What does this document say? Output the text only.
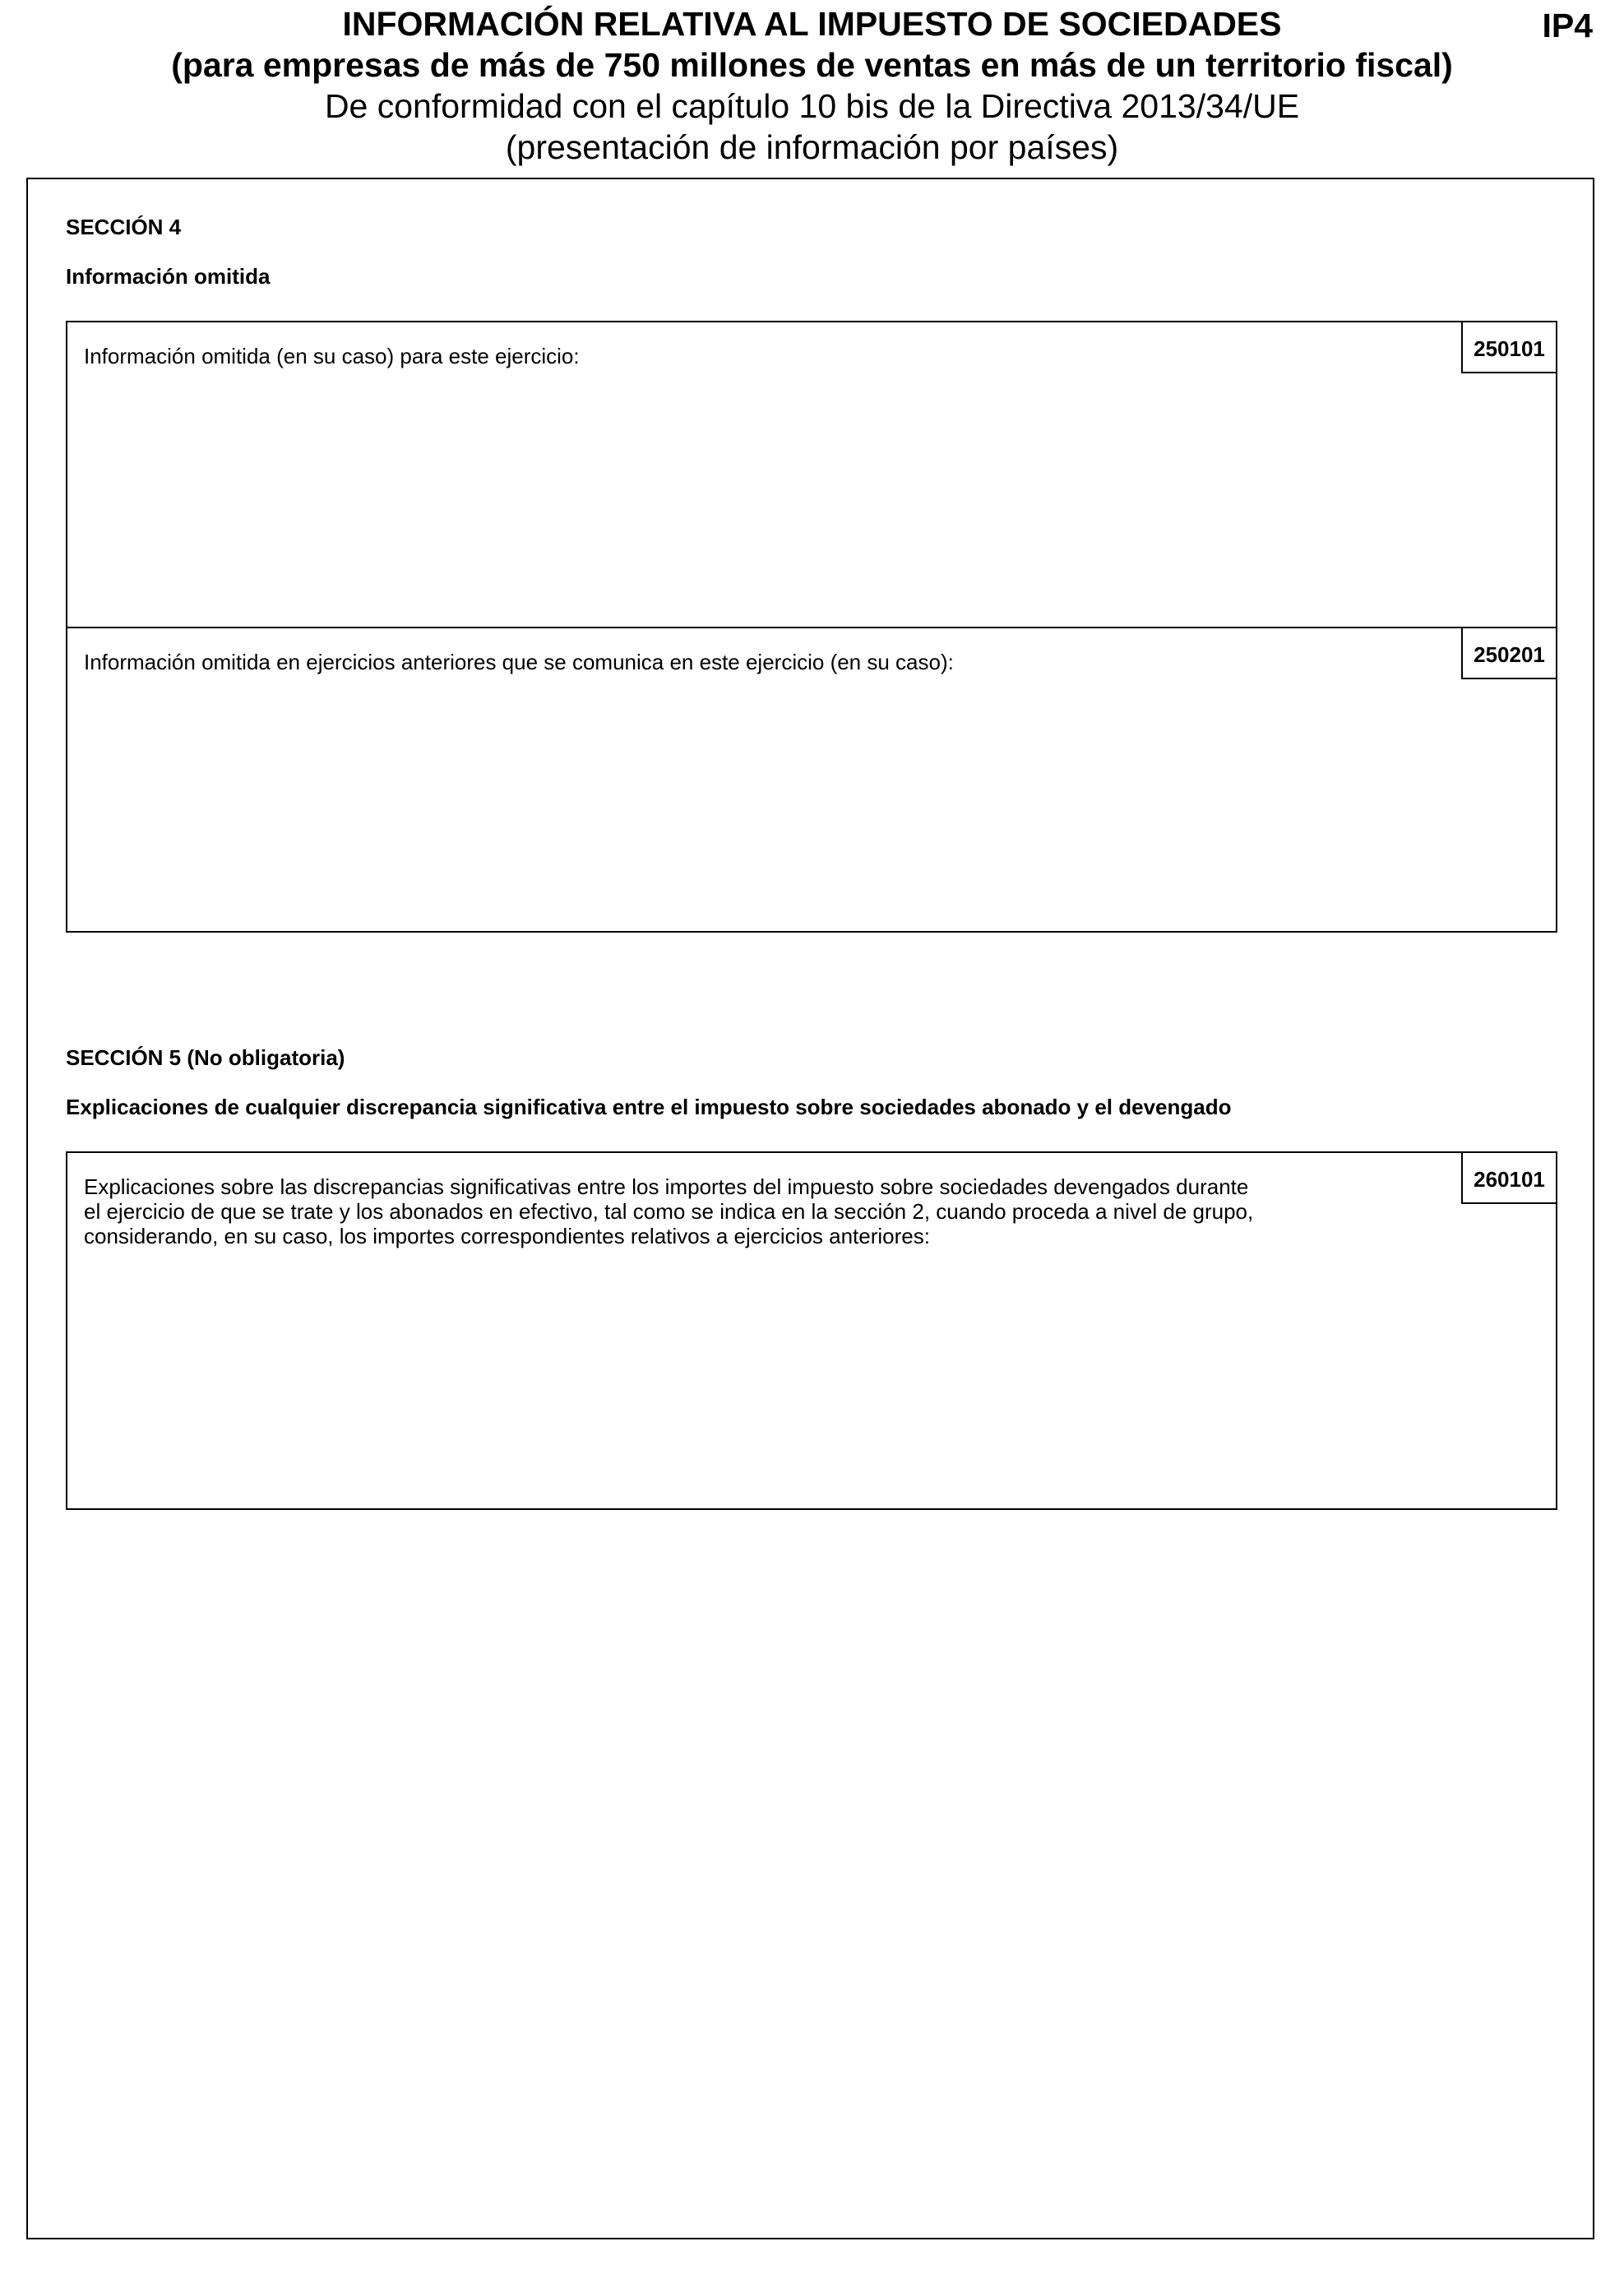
INFORMACIÓN RELATIVA AL IMPUESTO DE SOCIEDADES
(para empresas de más de 750 millones de ventas en más de un territorio fiscal)
De conformidad con el capítulo 10 bis de la Directiva 2013/34/UE
(presentación de información por países)
IP4
SECCIÓN 4
Información omitida
Información omitida (en su caso) para este ejercicio:	250101
Información omitida en ejercicios anteriores que se comunica en este ejercicio (en su caso):	250201
SECCIÓN 5 (No obligatoria)
Explicaciones de cualquier discrepancia significativa entre el impuesto sobre sociedades abonado y el devengado
Explicaciones sobre las discrepancias significativas entre los importes del impuesto sobre sociedades devengados durante
el ejercicio de que se trate y los abonados en efectivo, tal como se indica en la sección 2, cuando proceda a nivel de grupo,
considerando, en su caso, los importes correspondientes relativos a ejercicios anteriores:
260101
